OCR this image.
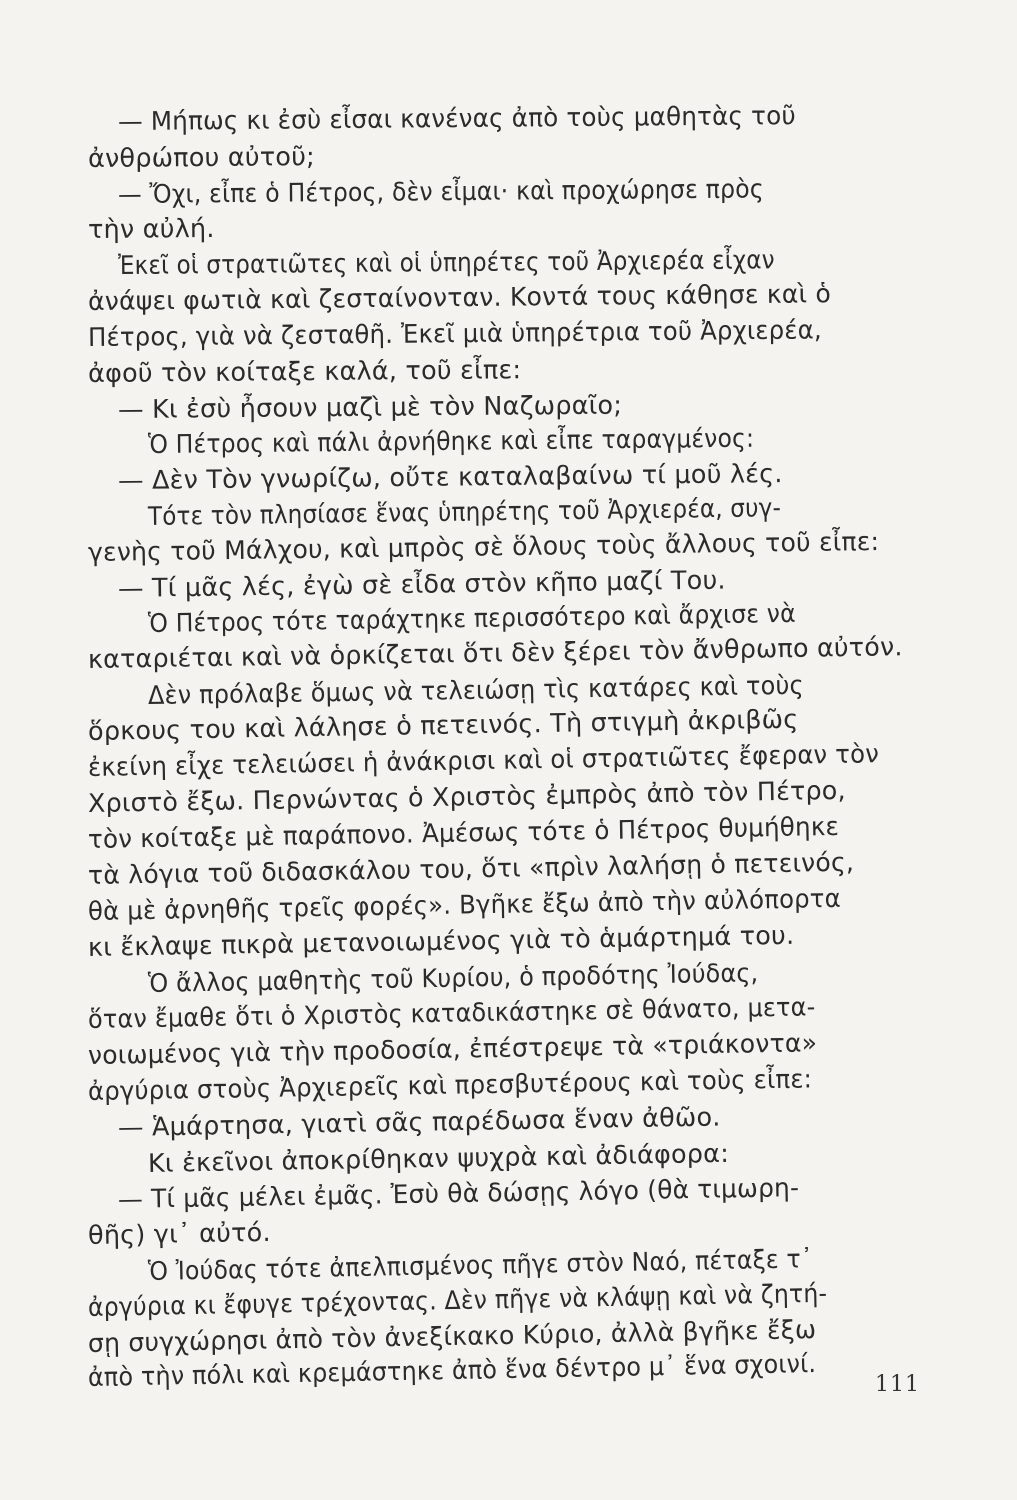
— Μήπως κι ἐσὺ εἶσαι κανένας ἀπὸ τοὺς μαθητὰς τοῦ
ἀνθρώπου αὐτοῦ;
— Ὄχι, εἶπε ὁ Πέτρος, δὲν εἶμαι· καὶ προχώρησε πρὸς
τὴν αὐλή.
Ἐκεῖ οἱ στρατιῶτες καὶ οἱ ὑπηρέτες τοῦ Ἀρχιερέα εἶχαν
ἀνάψει φωτιὰ καὶ ζεσταίνονταν. Κοντά τους κάθησε καὶ ὁ
Πέτρος, γιὰ νὰ ζεσταθῆ. Ἐκεῖ μιὰ ὑπηρέτρια τοῦ Ἀρχιερέα,
ἀφοῦ τὸν κοίταξε καλά, τοῦ εἶπε:
— Κι ἐσὺ ἦσουν μαζὶ μὲ τὸν Ναζωραῖο;
Ὁ Πέτρος καὶ πάλι ἀρνήθηκε καὶ εἶπε ταραγμένος:
— Δὲν Τὸν γνωρίζω, οὔτε καταλαβαίνω τί μοῦ λές.
Τότε τὸν πλησίασε ἕνας ὑπηρέτης τοῦ Ἀρχιερέα, συγ-
γενὴς τοῦ Μάλχου, καὶ μπρὸς σὲ ὅλους τοὺς ἄλλους τοῦ εἶπε:
— Τί μᾶς λές, ἐγὼ σὲ εἶδα στὸν κῆπο μαζί Του.
Ὁ Πέτρος τότε ταράχτηκε περισσότερο καὶ ἄρχισε νὰ
καταριέται καὶ νὰ ὁρκίζεται ὅτι δὲν ξέρει τὸν ἄνθρωπο αὐτόν.
Δὲν πρόλαβε ὅμως νὰ τελειώσῃ τὶς κατάρες καὶ τοὺς
ὅρκους του καὶ λάλησε ὁ πετεινός. Τὴ στιγμὴ ἀκριβῶς
ἐκείνη εἶχε τελειώσει ἡ ἀνάκρισι καὶ οἱ στρατιῶτες ἔφεραν τὸν
Χριστὸ ἔξω. Περνώντας ὁ Χριστὸς ἐμπρὸς ἀπὸ τὸν Πέτρο,
τὸν κοίταξε μὲ παράπονο. Ἀμέσως τότε ὁ Πέτρος θυμήθηκε
τὰ λόγια τοῦ διδασκάλου του, ὅτι «πρὶν λαλήσῃ ὁ πετεινός,
θὰ μὲ ἀρνηθῆς τρεῖς φορές». Βγῆκε ἔξω ἀπὸ τὴν αὐλόπορτα
κι ἔκλαψε πικρὰ μετανοιωμένος γιὰ τὸ ἁμάρτημά του.
Ὁ ἄλλος μαθητὴς τοῦ Κυρίου, ὁ προδότης Ἰούδας,
ὅταν ἔμαθε ὅτι ὁ Χριστὸς καταδικάστηκε σὲ θάνατο, μετα-
νοιωμένος γιὰ τὴν προδοσία, ἐπέστρεψε τὰ «τριάκοντα»
ἀργύρια στοὺς Ἀρχιερεῖς καὶ πρεσβυτέρους καὶ τοὺς εἶπε:
— Ἁμάρτησα, γιατὶ σᾶς παρέδωσα ἕναν ἀθῶο.
Κι ἐκεῖνοι ἀποκρίθηκαν ψυχρὰ καὶ ἀδιάφορα:
— Τί μᾶς μέλει ἐμᾶς. Ἐσὺ θὰ δώσῃς λόγο (θὰ τιμωρη-
θῆς) γι᾽ αὐτό.
Ὁ Ἰούδας τότε ἀπελπισμένος πῆγε στὸν Ναό, πέταξε τ᾽
ἀργύρια κι ἔφυγε τρέχοντας. Δὲν πῆγε νὰ κλάψῃ καὶ νὰ ζητή-
σῃ συγχώρησι ἀπὸ τὸν ἀνεξίκακο Κύριο, ἀλλὰ βγῆκε ἔξω
ἀπὸ τὴν πόλι καὶ κρεμάστηκε ἀπὸ ἕνα δέντρο μ᾽ ἕνα σχοινί.	111
